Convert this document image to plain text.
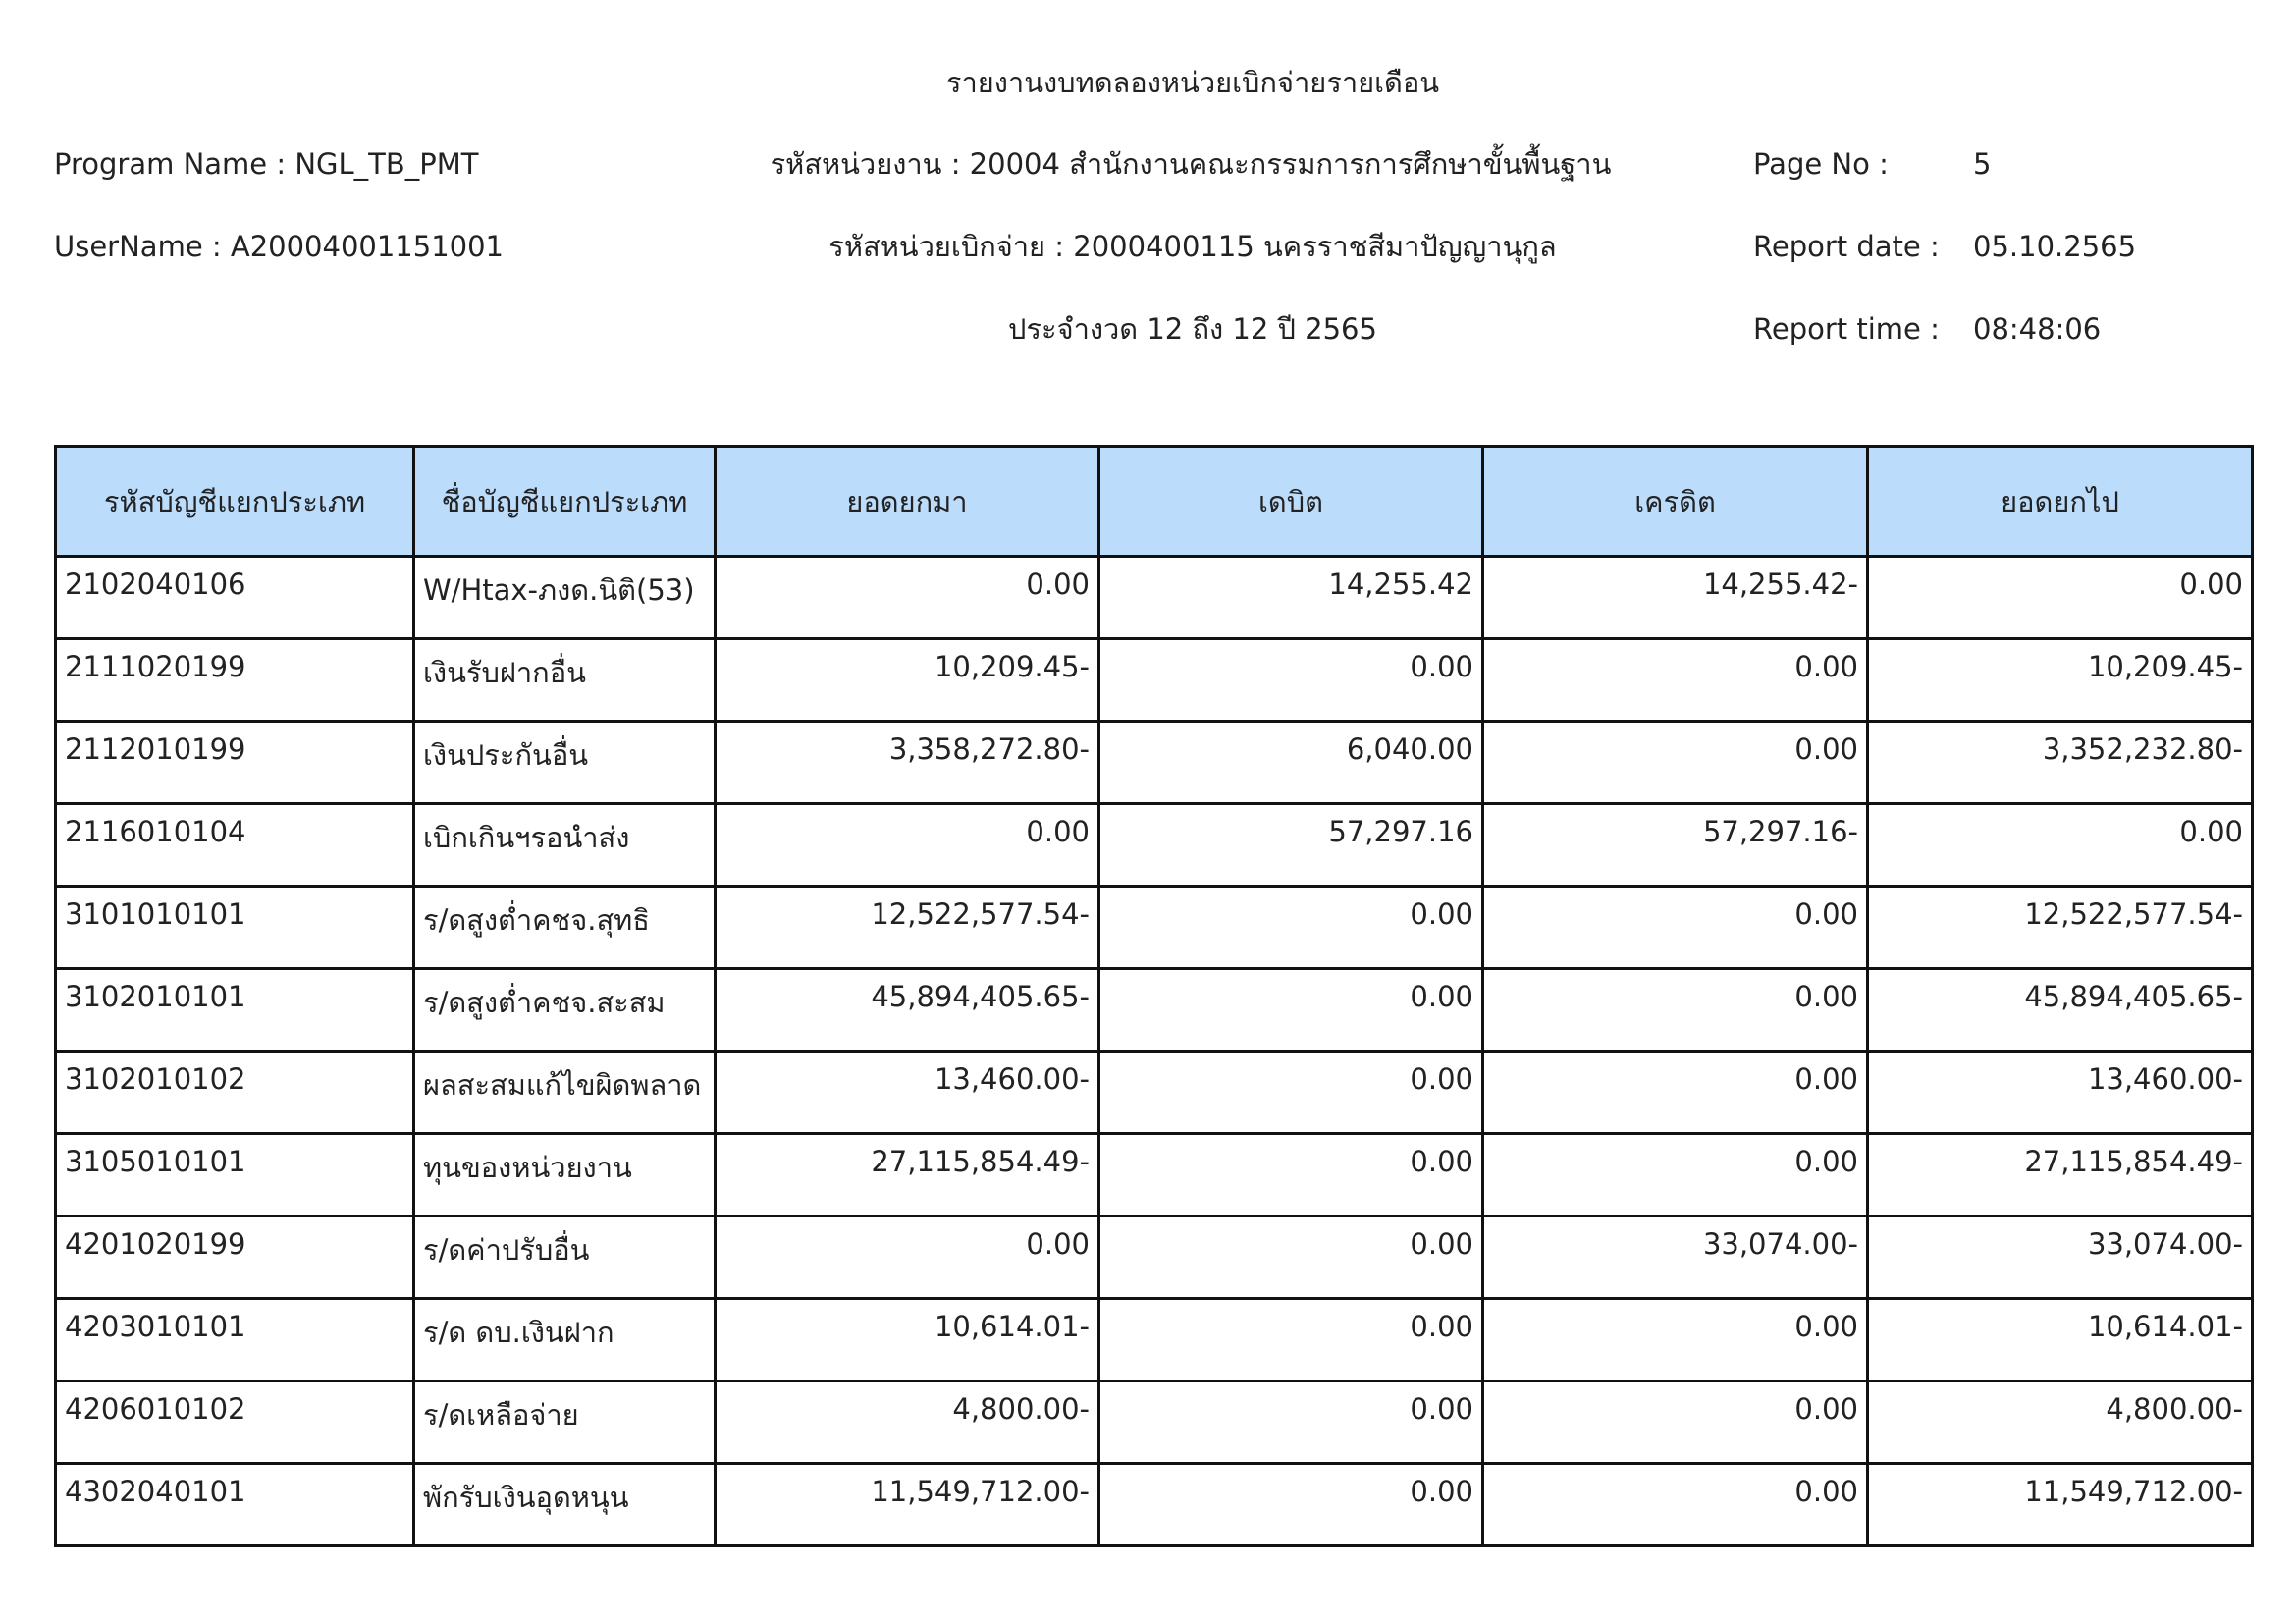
รายงานงบทดลองหน่วยเบิกจ่ายรายเดือน
Program Name : NGL_TB_PMT	รหัสหน่วยงาน : 20004 สำนักงานคณะกรรมการการศึกษาขั้นพื้นฐาน	Page No :	5
UserName : A20004001151001	รหัสหน่วยเบิกจ่าย : 2000400115 นครราชสีมาปัญญานุกูล	Report date : 05.10.2565
ประจำงวด 12 ถึง 12 ปี 2565	Report time : 08:48:06
รหัสบัญชีแยกประเภท	ชื่อบัญชีแยกประเภท	ยอดยกมา	เดบิต	เครดิต	ยอดยกไป
2102040106	W/Htax-ภงด.นิติ(53)	0.00	14,255.42	14,255.42-	0.00
2111020199	เงินรับฝากอื่น	10,209.45-	0.00	0.00	10,209.45-
2112010199	เงินประกันอื่น	3,358,272.80-	6,040.00	0.00	3,352,232.80-
2116010104	เบิกเกินฯรอนำส่ง	0.00	57,297.16	57,297.16-	0.00
3101010101	ร/ดสูงต่ำคชจ.สุทธิ	12,522,577.54-	0.00	0.00	12,522,577.54-
3102010101	ร/ดสูงต่ำคชจ.สะสม	45,894,405.65-	0.00	0.00	45,894,405.65-
3102010102	ผลสะสมแก้ไขผิดพลาด	13,460.00-	0.00	0.00	13,460.00-
3105010101	ทุนของหน่วยงาน	27,115,854.49-	0.00	0.00	27,115,854.49-
4201020199	ร/ดค่าปรับอื่น	0.00	0.00	33,074.00-	33,074.00-
4203010101	ร/ด ดบ.เงินฝาก	10,614.01-	0.00	0.00	10,614.01-
4206010102	ร/ดเหลือจ่าย	4,800.00-	0.00	0.00	4,800.00-
4302040101	พักรับเงินอุดหนุน	11,549,712.00-	0.00	0.00	11,549,712.00-
